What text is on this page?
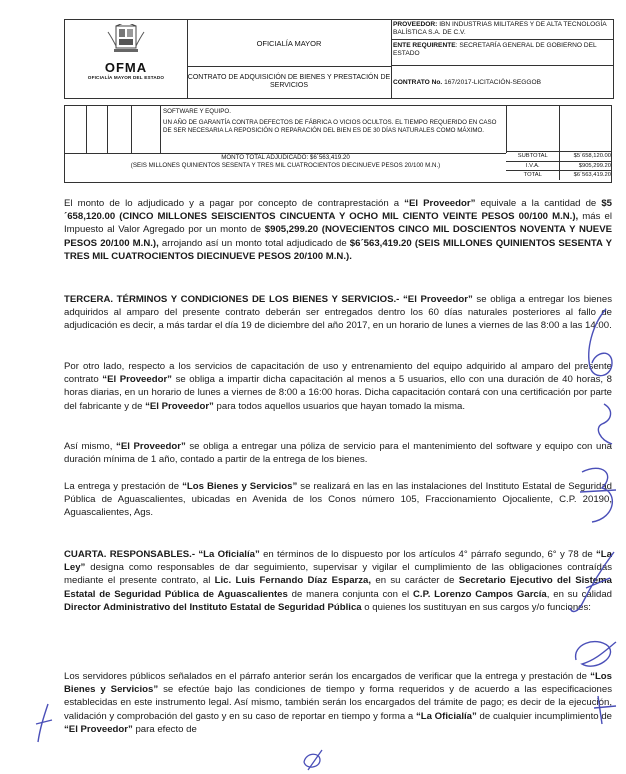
OFMA
OFICIALÍA MAYOR DEL ESTADO
OFICIALÍA MAYOR
CONTRATO DE ADQUISICIÓN DE BIENES Y PRESTACIÓN DE SERVICIOS
PROVEEDOR: IBN INDUSTRIAS MILITARES Y DE ALTA TECNOLOGÍA BALÍSTICA S.A. DE C.V.
ENTE REQUIRENTE: SECRETARÍA GENERAL DE GOBIERNO DEL ESTADO
CONTRATO No.
167/2017-LICITACIÓN-SEGGOB
SOFTWARE Y EQUIPO.
UN AÑO DE GARANTÍA CONTRA DEFECTOS DE FÁBRICA O VICIOS OCULTOS. EL TIEMPO REQUERIDO EN CASO DE SER NECESARIA LA REPOSICIÓN O REPARACIÓN DEL BIEN ES DE 30 DÍAS NATURALES COMO MÁXIMO.
MONTO TOTAL ADJUDICADO: $6´563,419.20
(SEIS MILLONES QUINIENTOS SESENTA Y TRES MIL CUATROCIENTOS DIECINUEVE PESOS 20/100 M.N.)
SUBTOTAL	$5´658,120.00
I.V.A.	$905,299.20
TOTAL	$6´563,419.20
El monto de lo adjudicado y a pagar por concepto de contraprestación a “El Proveedor” equivale a la cantidad de $5´658,120.00 (CINCO MILLONES SEISCIENTOS CINCUENTA Y OCHO MIL CIENTO VEINTE PESOS 00/100 M.N.), más el Impuesto al Valor Agregado por un monto de $905,299.20 (NOVECIENTOS CINCO MIL DOSCIENTOS NOVENTA Y NUEVE PESOS 20/100 M.N.), arrojando así un monto total adjudicado de $6´563,419.20 (SEIS MILLONES QUINIENTOS SESENTA Y TRES MIL CUATROCIENTOS DIECINUEVE PESOS 20/100 M.N.).
TERCERA. TÉRMINOS Y CONDICIONES DE LOS BIENES Y SERVICIOS.- “El Proveedor” se obliga a entregar los bienes adquiridos al amparo del presente contrato deberán ser entregados dentro los 60 días naturales posteriores al fallo de adjudicación es decir, a más tardar el día 19 de diciembre del año 2017, en un horario de lunes a viernes de las 8:00 a las 14:00.
Por otro lado, respecto a los servicios de capacitación de uso y entrenamiento del equipo adquirido al amparo del presente contrato “El Proveedor” se obliga a impartir dicha capacitación al menos a 5 usuarios, ello con una duración de 40 horas, 8 horas diarias, en un horario de lunes a viernes de 8:00 a 16:00 horas. Dicha capacitación contará con una certificación por parte del fabricante y de “El Proveedor” para todos aquellos usuarios que hayan tomado la misma.
Así mismo, “El Proveedor” se obliga a entregar una póliza de servicio para el mantenimiento del software y equipo con una duración mínima de 1 año, contado a partir de la entrega de los bienes.
La entrega y prestación de “Los Bienes y Servicios” se realizará en las en las instalaciones del Instituto Estatal de Seguridad Pública de Aguascalientes, ubicadas en Avenida de los Conos número 105, Fraccionamiento Ojocaliente, C.P. 20190, Aguascalientes, Ags.
CUARTA. RESPONSABLES.- “La Oficialía” en términos de lo dispuesto por los artículos 4° párrafo segundo, 6° y 78 de “La Ley” designa como responsables de dar seguimiento, supervisar y vigilar el cumplimiento de las obligaciones contraídas mediante el presente contrato, al Lic. Luis Fernando Díaz Esparza, en su carácter de Secretario Ejecutivo del Sistema Estatal de Seguridad Pública de Aguascalientes de manera conjunta con el C.P. Lorenzo Campos García, en su calidad Director Administrativo del Instituto Estatal de Seguridad Pública o quienes los sustituyan en sus cargos y/o funciones:
Los servidores públicos señalados en el párrafo anterior serán los encargados de verificar que la entrega y prestación de “Los Bienes y Servicios” se efectúe bajo las condiciones de tiempo y forma requeridos y de acuerdo a las especificaciones establecidas en este instrumento legal. Así mismo, también serán los encargados del trámite de pago; es decir de la ejecución, validación y comprobación del gasto y en su caso de reportar en tiempo y forma a “La Oficialía” de cualquier incumplimiento de “El Proveedor” para efecto de
